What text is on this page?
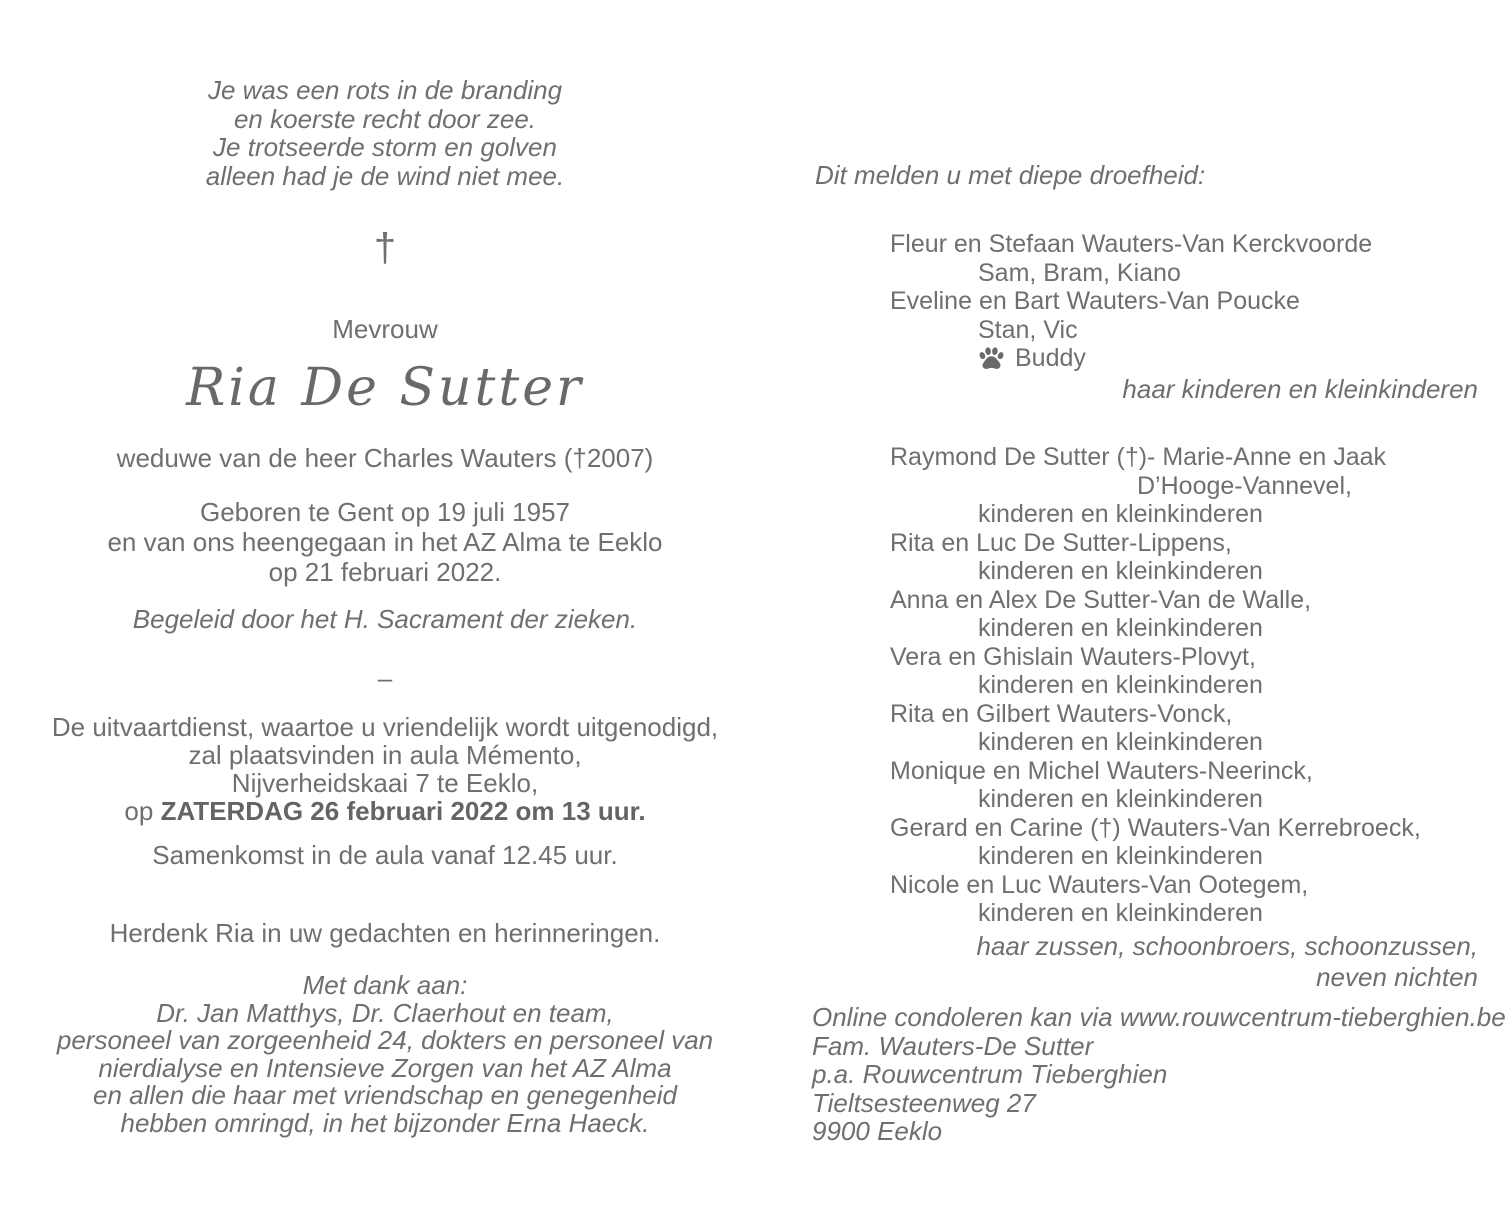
Je was een rots in de branding
en koerste recht door zee.
Je trotseerde storm en golven
alleen had je de wind niet mee.
†
Mevrouw
Ria De Sutter
weduwe van de heer Charles Wauters (†2007)
Geboren te Gent op 19 juli 1957
en van ons heengegaan in het AZ Alma te Eeklo
op 21 februari 2022.
Begeleid door het H. Sacrament der zieken.
–
De uitvaartdienst, waartoe u vriendelijk wordt uitgenodigd,
zal plaatsvinden in aula Mémento,
Nijverheidskaai 7 te Eeklo,
op ZATERDAG 26 februari 2022 om 13 uur.
Samenkomst in de aula vanaf 12.45 uur.
Herdenk Ria in uw gedachten en herinneringen.
Met dank aan:
Dr. Jan Matthys, Dr. Claerhout en team,
personeel van zorgeenheid 24, dokters en personeel van
nierdialyse en Intensieve Zorgen van het AZ Alma
en allen die haar met vriendschap en genegenheid
hebben omringd, in het bijzonder Erna Haeck.
Dit melden u met diepe droefheid:
Fleur en Stefaan Wauters-Van Kerckvoorde
Sam, Bram, Kiano
Eveline en Bart Wauters-Van Poucke
Stan, Vic
Buddy
haar kinderen en kleinkinderen
Raymond De Sutter (†)- Marie-Anne en Jaak
D’Hooge-Vannevel,
kinderen en kleinkinderen
Rita en Luc De Sutter-Lippens,
kinderen en kleinkinderen
Anna en Alex De Sutter-Van de Walle,
kinderen en kleinkinderen
Vera en Ghislain Wauters-Plovyt,
kinderen en kleinkinderen
Rita en Gilbert Wauters-Vonck,
kinderen en kleinkinderen
Monique en Michel Wauters-Neerinck,
kinderen en kleinkinderen
Gerard en Carine (†) Wauters-Van Kerrebroeck,
kinderen en kleinkinderen
Nicole en Luc Wauters-Van Ootegem,
kinderen en kleinkinderen
haar zussen, schoonbroers, schoonzussen,
neven nichten
Online condoleren kan via www.rouwcentrum-tieberghien.be
Fam. Wauters-De Sutter
p.a. Rouwcentrum Tieberghien
Tieltsesteenweg 27
9900 Eeklo
